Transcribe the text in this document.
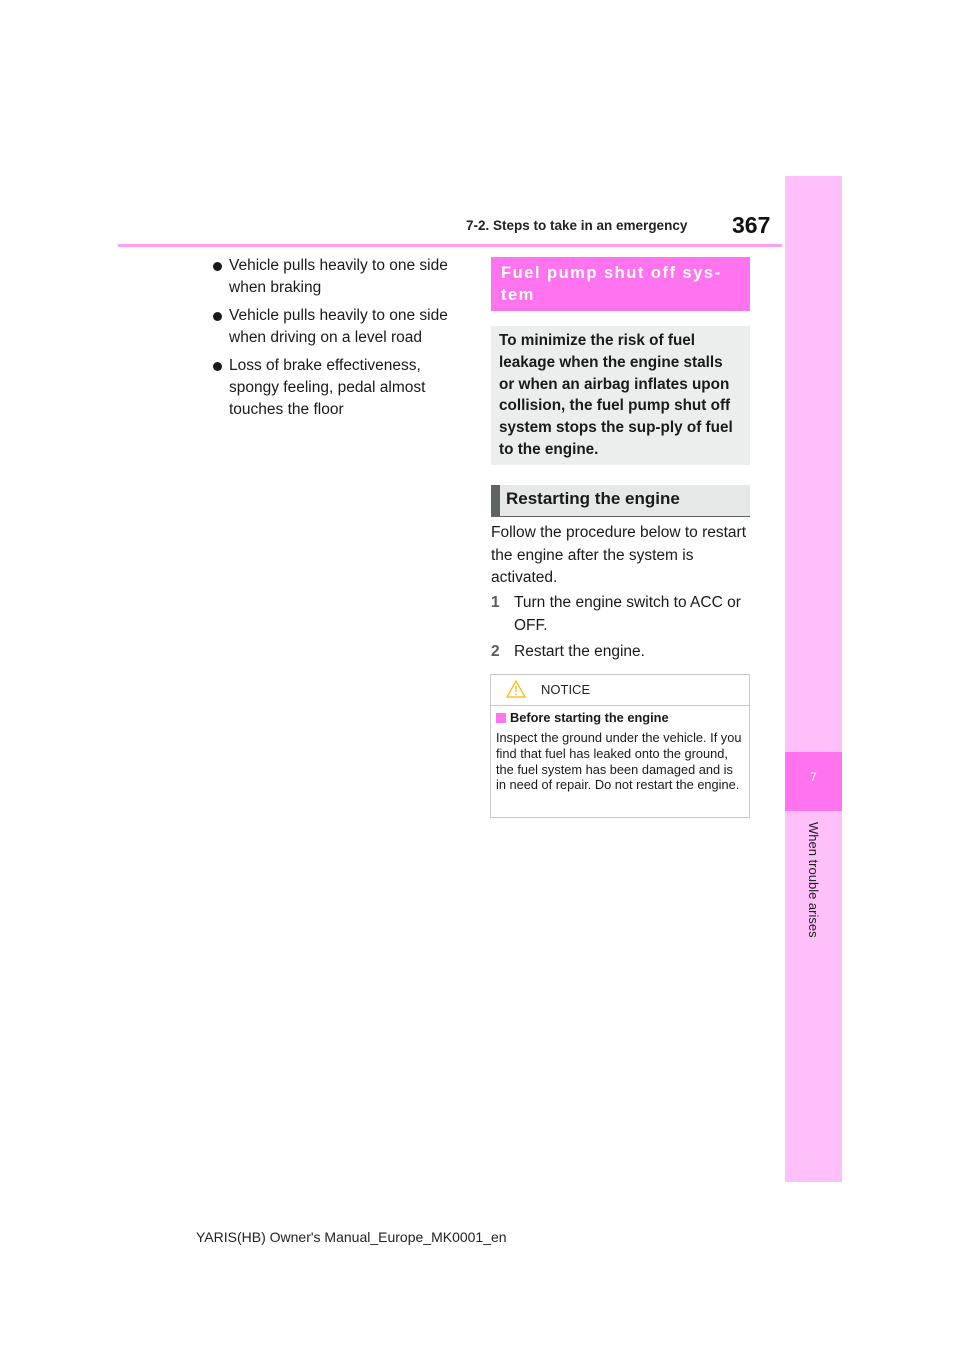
7-2. Steps to take in an emergency 367
7
When trouble arises
Vehicle pulls heavily to one side when braking
Vehicle pulls heavily to one side when driving on a level road
Loss of brake effectiveness, spongy feeling, pedal almost touches the floor
Fuel pump shut off sys-tem
To minimize the risk of fuel leakage when the engine stalls or when an airbag inflates upon collision, the fuel pump shut off system stops the sup-ply of fuel to the engine.
Restarting the engine
Follow the procedure below to restart the engine after the system is activated.
1 Turn the engine switch to ACC or OFF.
2 Restart the engine.
NOTICE
Before starting the engine
Inspect the ground under the vehicle. If you find that fuel has leaked onto the ground, the fuel system has been damaged and is in need of repair. Do not restart the engine.
YARIS(HB) Owner's Manual_Europe_MK0001_en
